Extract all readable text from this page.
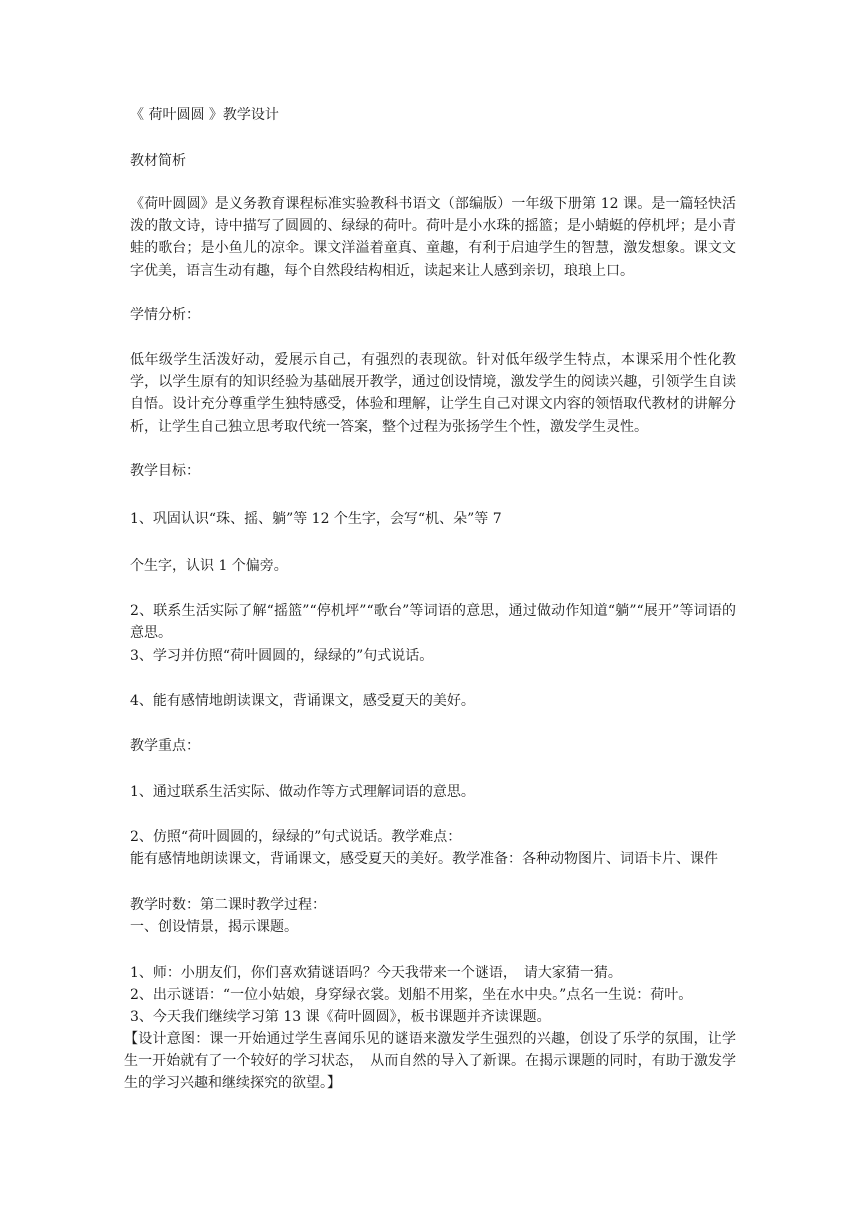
《 荷叶圆圆 》教学设计
教材简析
《荷叶圆圆》是义务教育课程标准实验教科书语文（部编版）一年级下册第 12 课。是一篇轻快活泼的散文诗，诗中描写了圆圆的、绿绿的荷叶。荷叶是小水珠的摇篮；是小蜻蜓的停机坪；是小青蛙的歌台；是小鱼儿的凉伞。课文洋溢着童真、童趣，有利于启迪学生的智慧，激发想象。课文文字优美，语言生动有趣，每个自然段结构相近，读起来让人感到亲切，琅琅上口。
学情分析：
低年级学生活泼好动，爱展示自己，有强烈的表现欲。针对低年级学生特点，本课采用个性化教学，以学生原有的知识经验为基础展开教学，通过创设情境，激发学生的阅读兴趣，引领学生自读自悟。设计充分尊重学生独特感受，体验和理解，让学生自己对课文内容的领悟取代教材的讲解分析，让学生自己独立思考取代统一答案，整个过程为张扬学生个性，激发学生灵性。
教学目标：
1、巩固认识“珠、摇、躺”等 12 个生字，会写“机、朵”等 7
个生字，认识 1 个偏旁。
2、联系生活实际了解“摇篮”“停机坪”“歌台”等词语的意思，通过做动作知道“躺”“展开”等词语的意思。
3、学习并仿照“荷叶圆圆的，绿绿的”句式说话。
4、能有感情地朗读课文，背诵课文，感受夏天的美好。
教学重点：
1、通过联系生活实际、做动作等方式理解词语的意思。
2、仿照“荷叶圆圆的，绿绿的”句式说话。教学难点：
能有感情地朗读课文，背诵课文，感受夏天的美好。教学准备：各种动物图片、词语卡片、课件
教学时数：第二课时教学过程：
一、创设情景，揭示课题。
1、师：小朋友们，你们喜欢猜谜语吗？今天我带来一个谜语，　请大家猜一猜。
2、出示谜语：“一位小姑娘，身穿绿衣裳。划船不用桨，坐在水中央。”点名一生说：荷叶。
3、今天我们继续学习第 13 课《荷叶圆圆》，板书课题并齐读课题。
【设计意图：课一开始通过学生喜闻乐见的谜语来激发学生强烈的兴趣，创设了乐学的氛围，让学生一开始就有了一个较好的学习状态，　从而自然的导入了新课。在揭示课题的同时，有助于激发学生的学习兴趣和继续探究的欲望。】
